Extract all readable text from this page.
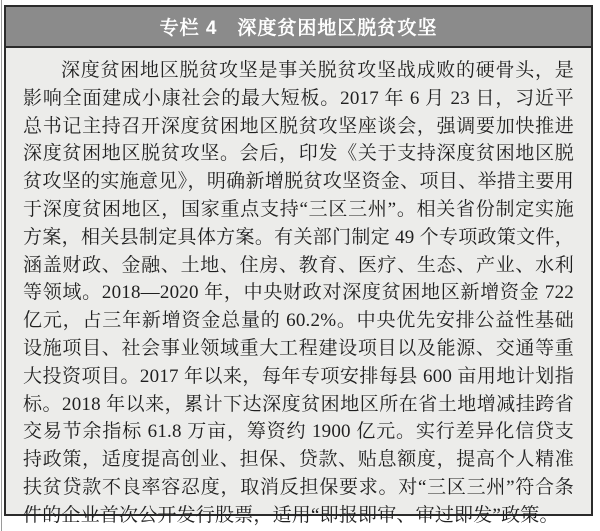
专栏 4　深度贫困地区脱贫攻坚

深度贫困地区脱贫攻坚是事关脱贫攻坚战成败的硬骨头，是影响全面建成小康社会的最大短板。2017 年 6 月 23 日，习近平总书记主持召开深度贫困地区脱贫攻坚座谈会，强调要加快推进深度贫困地区脱贫攻坚。会后，印发《关于支持深度贫困地区脱贫攻坚的实施意见》，明确新增脱贫攻坚资金、项目、举措主要用于深度贫困地区，国家重点支持“三区三州”。相关省份制定实施方案，相关县制定具体方案。有关部门制定 49 个专项政策文件，涵盖财政、金融、土地、住房、教育、医疗、生态、产业、水利等领域。2018—2020 年，中央财政对深度贫困地区新增资金 722 亿元，占三年新增资金总量的 60.2%。中央优先安排公益性基础设施项目、社会事业领域重大工程建设项目以及能源、交通等重大投资项目。2017 年以来，每年专项安排每县 600 亩用地计划指标。2018 年以来，累计下达深度贫困地区所在省土地增减挂跨省交易节余指标 61.8 万亩，筹资约 1900 亿元。实行差异化信贷支持政策，适度提高创业、担保、贷款、贴息额度，提高个人精准扶贫贷款不良率容忍度，取消反担保要求。对“三区三州”符合条件的企业首次公开发行股票，适用“即报即审、审过即发”政策。
